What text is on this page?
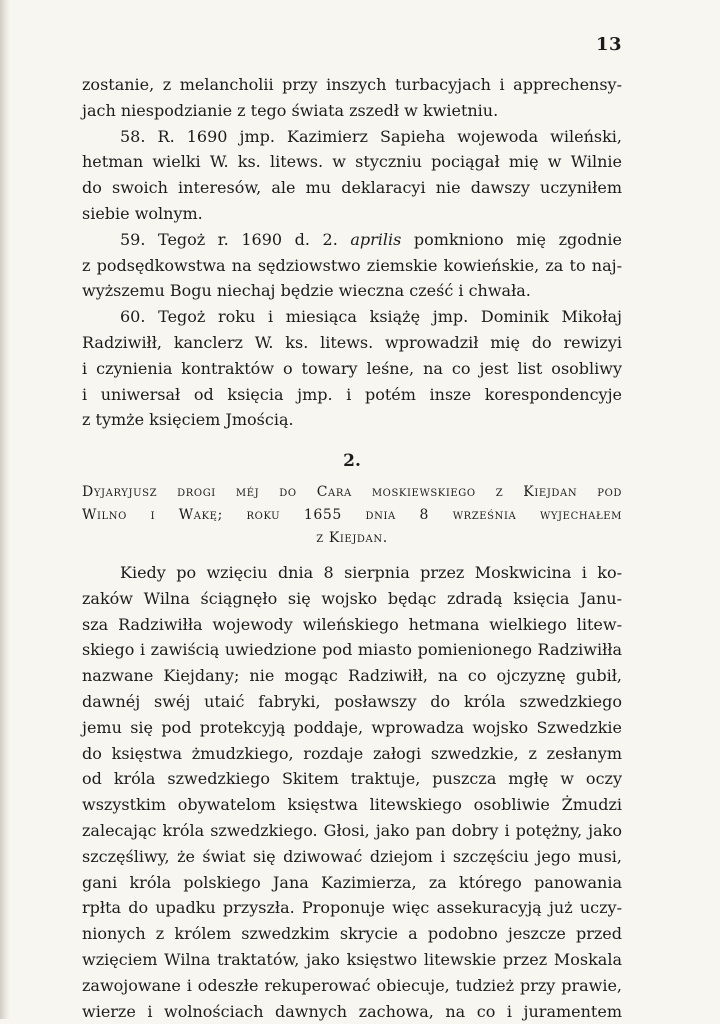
13

zostanie, z melancholii przy inszych turbacyjach i apprechensy-
jach niespodzianie z tego świata zszedł w kwietniu.

58. R. 1690 jmp. Kazimierz Sapieha wojewoda wileński,
hetman wielki W. ks. litews. w styczniu pociągał mię w Wilnie
do swoich interesów, ale mu deklaracyi nie dawszy uczyniłem
siebie wolnym.

59. Tegoż r. 1690 d. 2. aprilis pomkniono mię zgodnie
z podsędkowstwa na sędziowstwo ziemskie kowieńskie, za to naj-
wyższemu Bogu niechaj będzie wieczna cześć i chwała.

60. Tegoż roku i miesiąca książę jmp. Dominik Mikołaj
Radziwiłł, kanclerz W. ks. litews. wprowadził mię do rewizyi
i czynienia kontraktów o towary leśne, na co jest list osobliwy
i uniwersał od księcia jmp. i potém insze korespondencyje
z tymże księciem Jmością.

2.
Dyjaryjusz drogi méj do Cara moskiewskiego z Kiejdan pod
Wilno i Wakę; roku 1655 dnia 8 września wyjechałem
z Kiejdan.

Kiedy po wzięciu dnia 8 sierpnia przez Moskwicina i ko-
zaków Wilna ściągnęło się wojsko będąc zdradą księcia Janu-
sza Radziwiłła wojewody wileńskiego hetmana wielkiego litew-
skiego i zawiścią uwiedzione pod miasto pomienionego Radziwiłła
nazwane Kiejdany; nie mogąc Radziwiłł, na co ojczyznę gubił,
dawnéj swéj utaić fabryki, posławszy do króla szwedzkiego
jemu się pod protekcyją poddaje, wprowadza wojsko Szwedzkie
do księstwa żmudzkiego, rozdaje załogi szwedzkie, z zesłanym
od króla szwedzkiego Skitem traktuje, puszcza mgłę w oczy
wszystkim obywatelom księstwa litewskiego osobliwie Żmudzi
zalecając króla szwedzkiego. Głosi, jako pan dobry i potężny, jako
szczęśliwy, że świat się dziwować dziejom i szczęściu jego musi,
gani króla polskiego Jana Kazimierza, za którego panowania
rpłta do upadku przyszła. Proponuje więc assekuracyją już uczy-
nionych z królem szwedzkim skrycie a podobno jeszcze przed
wzięciem Wilna traktatów, jako księstwo litewskie przez Moskala
zawojowane i odeszłe rekuperować obiecuje, tudzież przy prawie,
wierze i wolnościach dawnych zachowa, na co i juramentem
